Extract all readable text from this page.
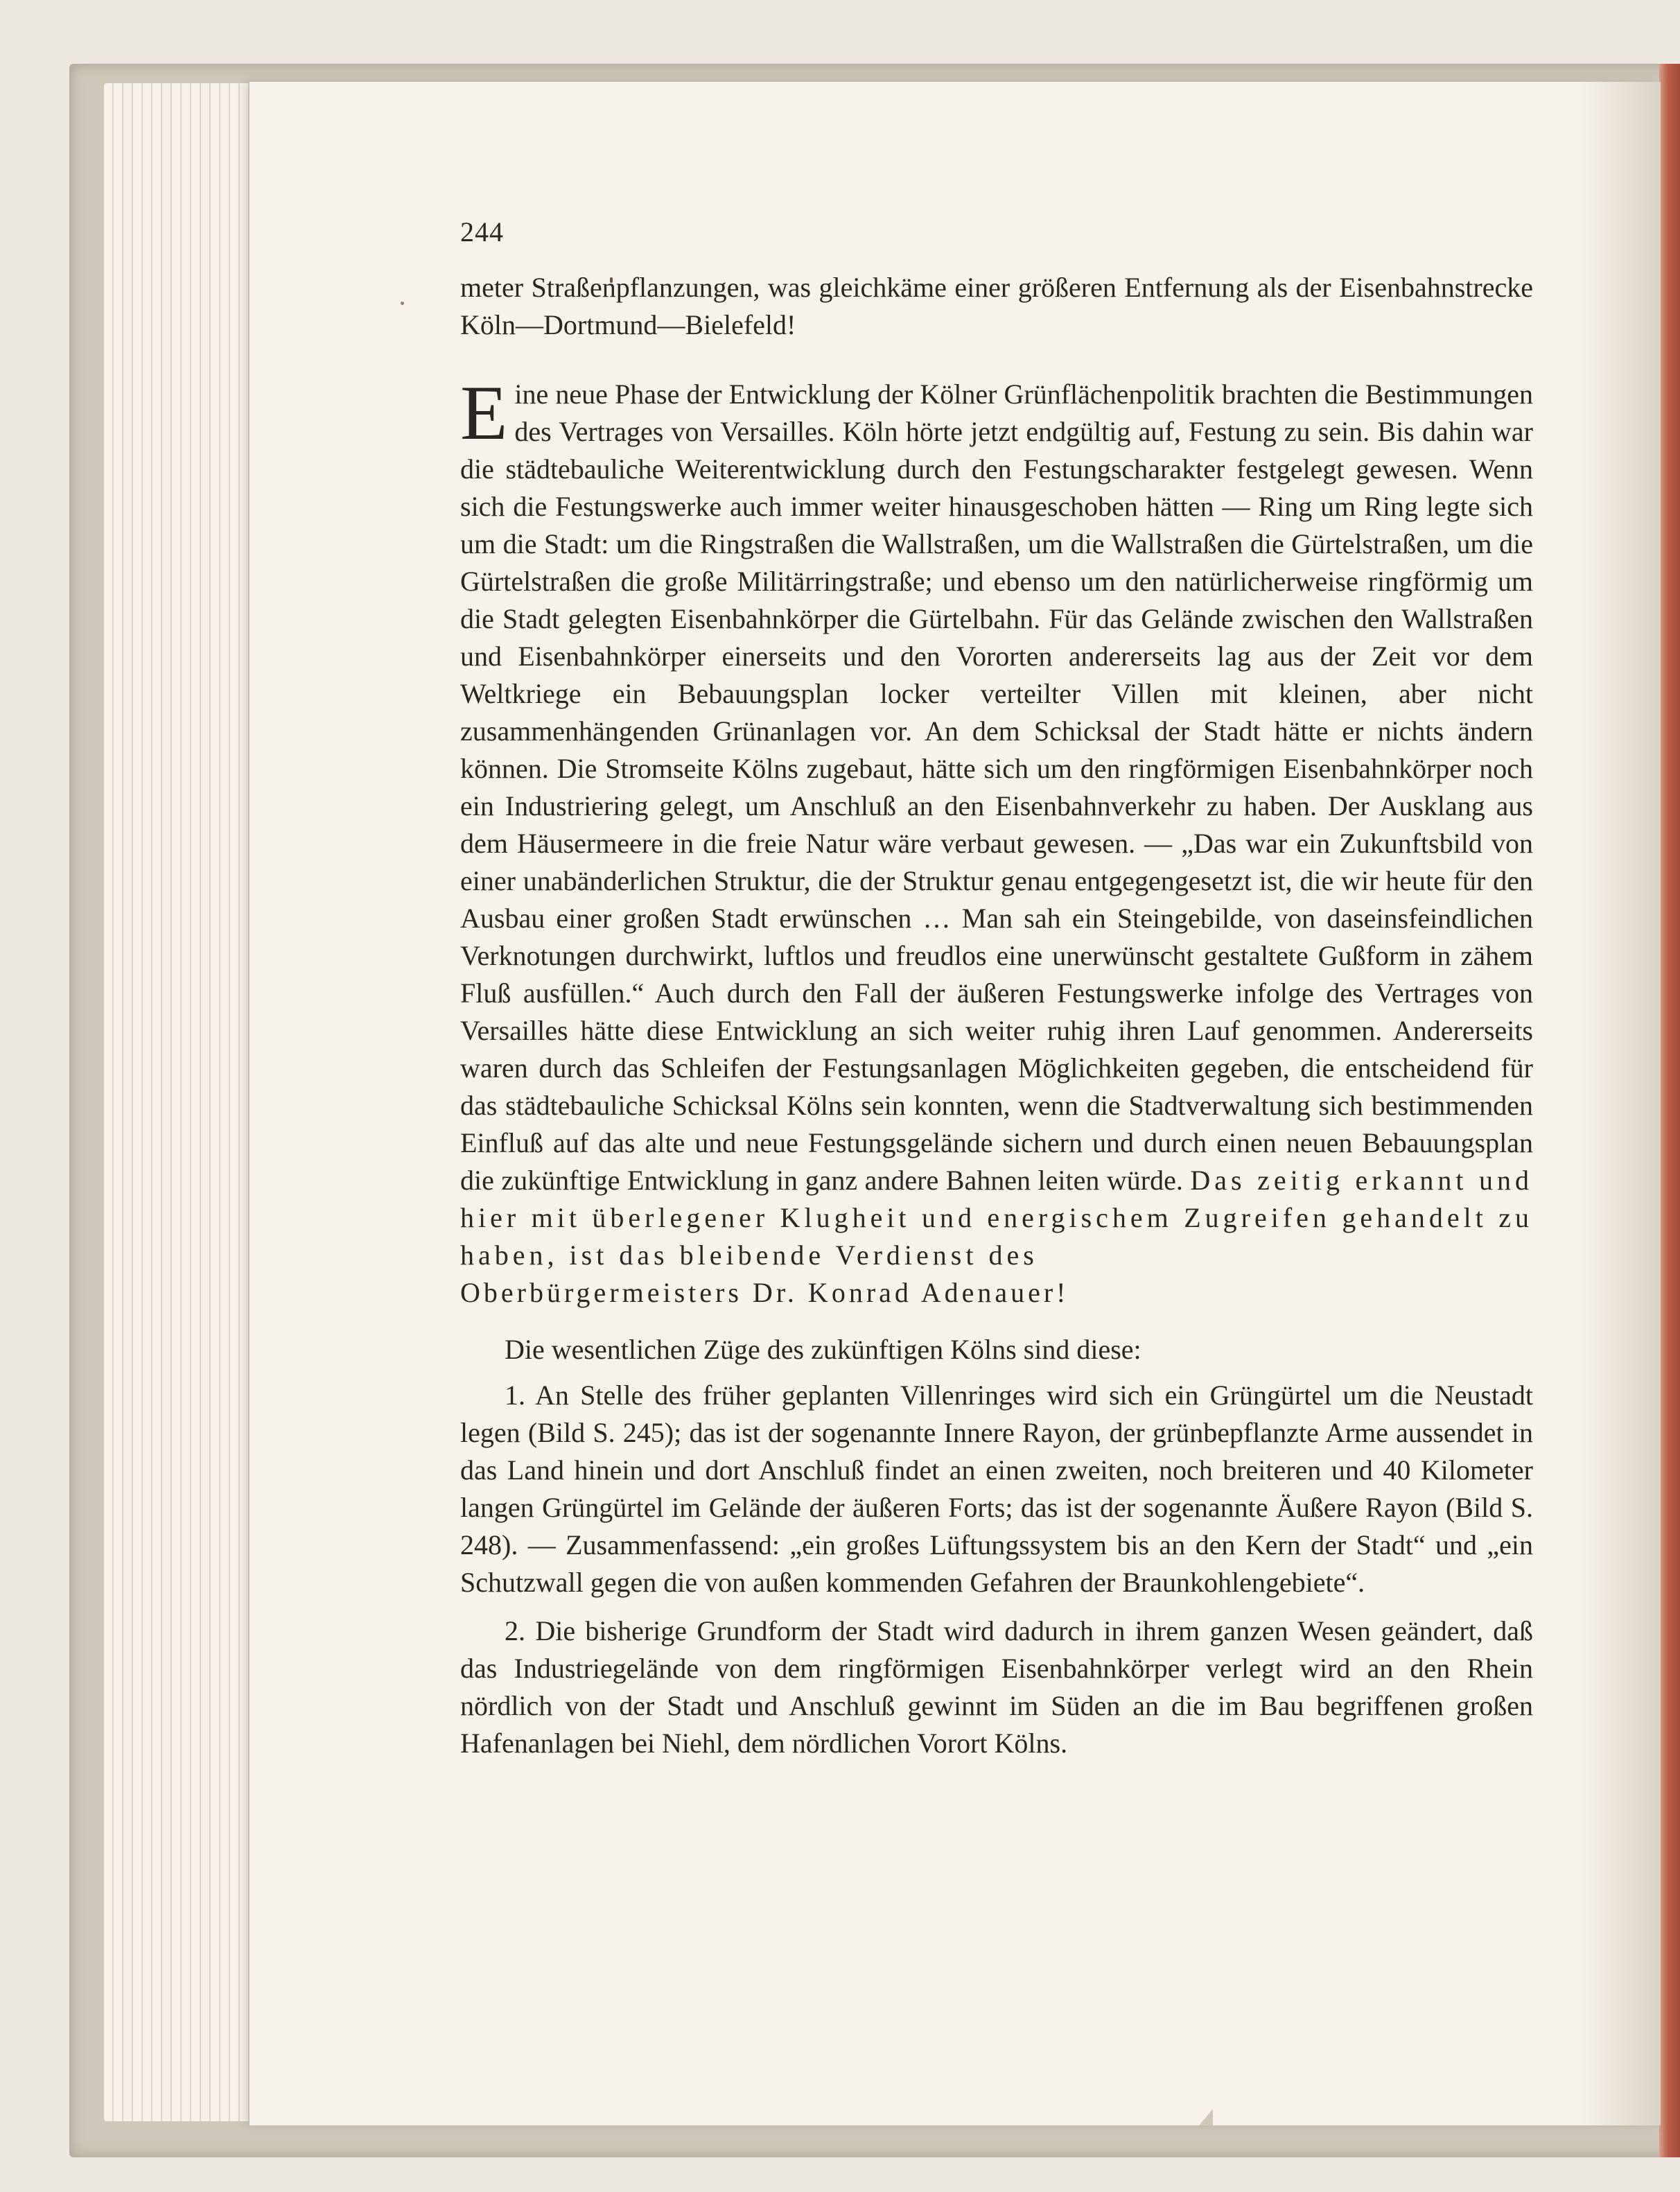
244

meter Straßenpflanzungen, was gleichkäme einer größeren Entfernung als der Eisenbahnstrecke Köln—Dortmund—Bielefeld!

Eine neue Phase der Entwicklung der Kölner Grünflächenpolitik brachten die Bestimmungen des Vertrages von Versailles. Köln hörte jetzt endgültig auf, Festung zu sein. Bis dahin war die städtebauliche Weiterentwicklung durch den Festungscharakter festgelegt gewesen. Wenn sich die Festungswerke auch immer weiter hinausgeschoben hätten — Ring um Ring legte sich um die Stadt: um die Ringstraßen die Wallstraßen, um die Wallstraßen die Gürtelstraßen, um die Gürtelstraßen die große Militärringstraße; und ebenso um den natürlicherweise ringförmig um die Stadt gelegten Eisenbahnkörper die Gürtelbahn. Für das Gelände zwischen den Wallstraßen und Eisenbahnkörper einerseits und den Vororten andererseits lag aus der Zeit vor dem Weltkriege ein Bebauungsplan locker verteilter Villen mit kleinen, aber nicht zusammenhängenden Grünanlagen vor. An dem Schicksal der Stadt hätte er nichts ändern können. Die Stromseite Kölns zugebaut, hätte sich um den ringförmigen Eisenbahnkörper noch ein Industriering gelegt, um Anschluß an den Eisenbahnverkehr zu haben. Der Ausklang aus dem Häusermeere in die freie Natur wäre verbaut gewesen. — „Das war ein Zukunftsbild von einer unabänderlichen Struktur, die der Struktur genau entgegengesetzt ist, die wir heute für den Ausbau einer großen Stadt erwünschen … Man sah ein Steingebilde, von daseinsfeindlichen Verknotungen durchwirkt, luftlos und freudlos eine unerwünscht gestaltete Gußform in zähem Fluß ausfüllen.“ Auch durch den Fall der äußeren Festungswerke infolge des Vertrages von Versailles hätte diese Entwicklung an sich weiter ruhig ihren Lauf genommen. Andererseits waren durch das Schleifen der Festungsanlagen Möglichkeiten gegeben, die entscheidend für das städtebauliche Schicksal Kölns sein konnten, wenn die Stadtverwaltung sich bestimmenden Einfluß auf das alte und neue Festungsgelände sichern und durch einen neuen Bebauungsplan die zukünftige Entwicklung in ganz andere Bahnen leiten würde. Das zeitig erkannt und hier mit überlegener Klugheit und energischem Zugreifen gehandelt zu haben, ist das bleibende Verdienst des
Oberbürgermeisters Dr. Konrad Adenauer!

Die wesentlichen Züge des zukünftigen Kölns sind diese:

1. An Stelle des früher geplanten Villenringes wird sich ein Grüngürtel um die Neustadt legen (Bild S. 245); das ist der sogenannte Innere Rayon, der grünbepflanzte Arme aussendet in das Land hinein und dort Anschluß findet an einen zweiten, noch breiteren und 40 Kilometer langen Grüngürtel im Gelände der äußeren Forts; das ist der sogenannte Äußere Rayon (Bild S. 248). — Zusammenfassend: „ein großes Lüftungssystem bis an den Kern der Stadt“ und „ein Schutzwall gegen die von außen kommenden Gefahren der Braunkohlengebiete“.

2. Die bisherige Grundform der Stadt wird dadurch in ihrem ganzen Wesen geändert, daß das Industriegelände von dem ringförmigen Eisenbahnkörper verlegt wird an den Rhein nördlich von der Stadt und Anschluß gewinnt im Süden an die im Bau begriffenen großen Hafenanlagen bei Niehl, dem nördlichen Vorort Kölns.
